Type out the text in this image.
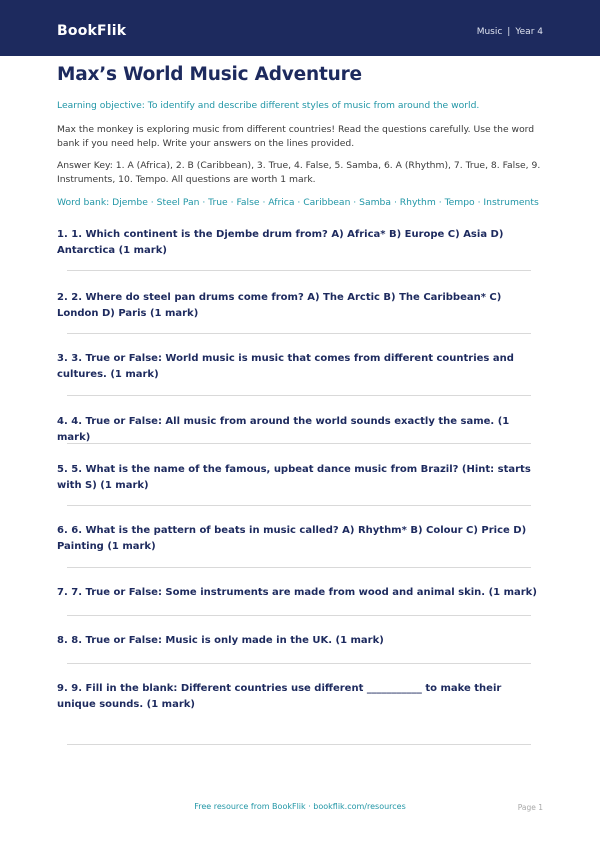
BookFlik	Music | Year 4
Max’s World Music Adventure
Learning objective: To identify and describe different styles of music from around the world.

Max the monkey is exploring music from different countries! Read the questions carefully. Use the word bank if you need help. Write your answers on the lines provided.

Answer Key: 1. A (Africa), 2. B (Caribbean), 3. True, 4. False, 5. Samba, 6. A (Rhythm), 7. True, 8. False, 9. Instruments, 10. Tempo. All questions are worth 1 mark.

Word bank: Djembe · Steel Pan · True · False · Africa · Caribbean · Samba · Rhythm · Tempo · Instruments

1. 1. Which continent is the Djembe drum from? A) Africa* B) Europe C) Asia D) Antarctica (1 mark)

2. 2. Where do steel pan drums come from? A) The Arctic B) The Caribbean* C) London D) Paris (1 mark)

3. 3. True or False: World music is music that comes from different countries and cultures. (1 mark)

4. 4. True or False: All music from around the world sounds exactly the same. (1 mark)

5. 5. What is the name of the famous, upbeat dance music from Brazil? (Hint: starts with S) (1 mark)

6. 6. What is the pattern of beats in music called? A) Rhythm* B) Colour C) Price D) Painting (1 mark)

7. 7. True or False: Some instruments are made from wood and animal skin. (1 mark)

8. 8. True or False: Music is only made in the UK. (1 mark)

9. 9. Fill in the blank: Different countries use different ___________ to make their unique sounds. (1 mark)

Free resource from BookFlik · bookflik.com/resources	Page 1
